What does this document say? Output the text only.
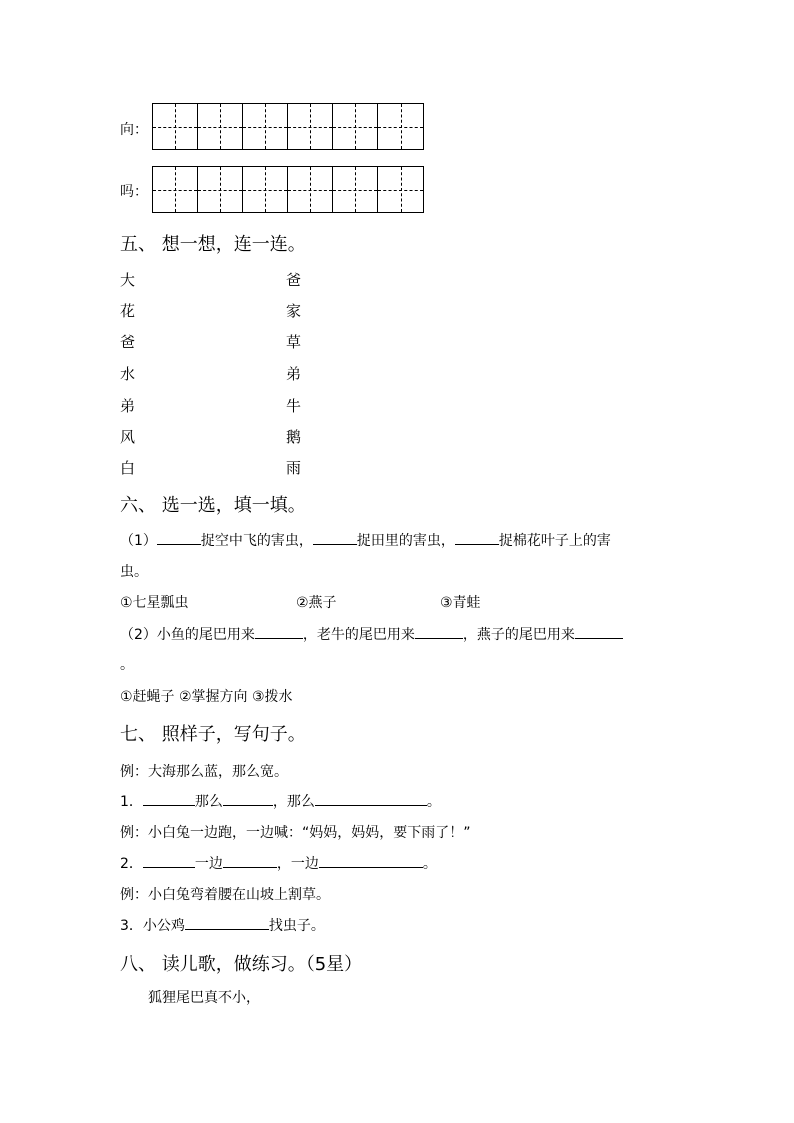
向：
吗：
五、 想一想，连一连。
大	爸
花	家
爸	草
水	弟
弟	牛
风	鹅
白	雨
六、 选一选，填一填。
（1）	捉空中飞的害虫，	捉田里的害虫，	捉棉花叶子上的害
虫。
①七星瓢虫	②燕子	③青蛙
（2）小鱼的尾巴用来	，老牛的尾巴用来	，燕子的尾巴用来
。
①赶蝇子 ②掌握方向 ③拨水
七、 照样子，写句子。
例：大海那么蓝，那么宽。
1．	那么	，那么	。
例：小白兔一边跑，一边喊：“妈妈，妈妈，要下雨了！”
2．	一边	，一边	。
例：小白兔弯着腰在山坡上割草。
3．小公鸡	找虫子。
八、 读儿歌，做练习。（5星）
狐狸尾巴真不小，
